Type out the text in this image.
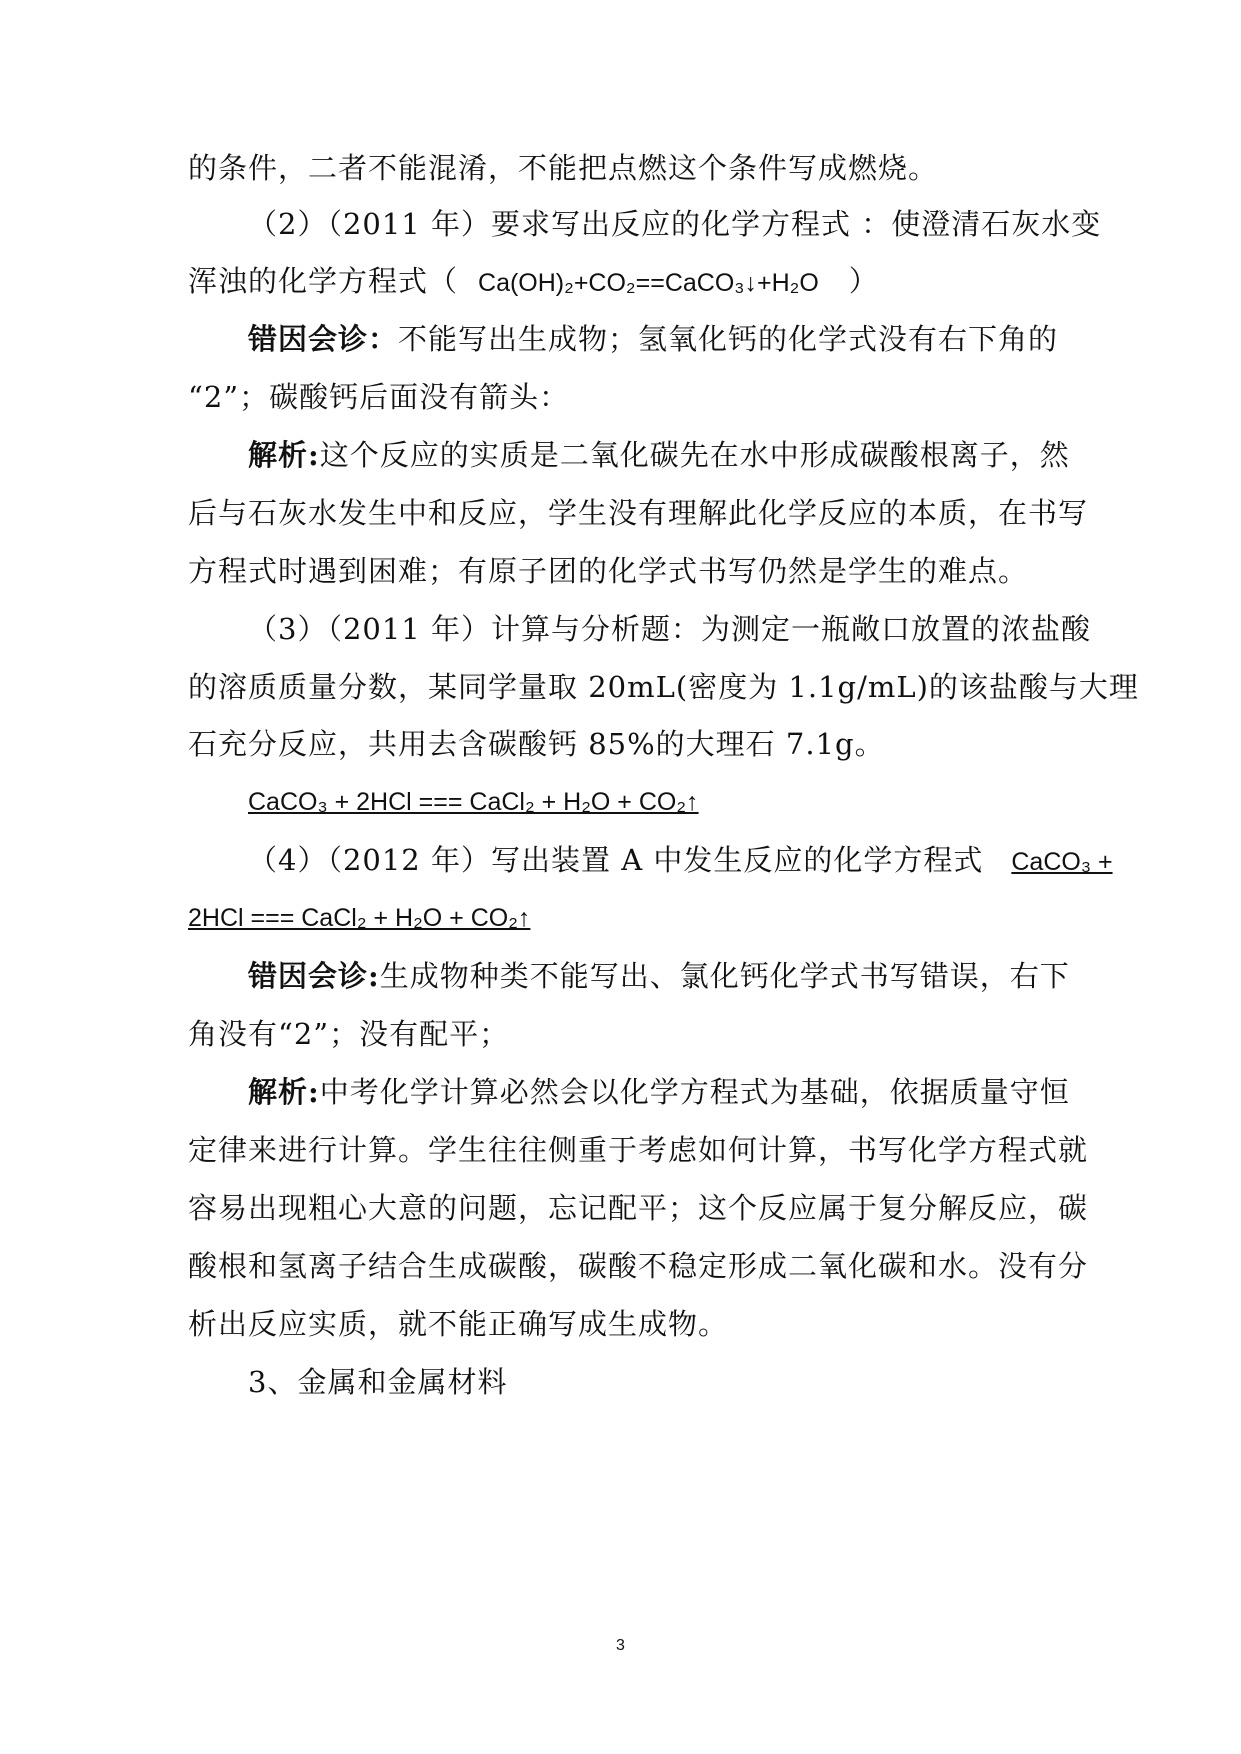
的条件，二者不能混淆，不能把点燃这个条件写成燃烧。
（2）（2011 年）要求写出反应的化学方程式 ：使澄清石灰水变
浑浊的化学方程式（ Ca(OH)₂+CO₂==CaCO₃↓+H₂O ）
错因会诊：不能写出生成物；氢氧化钙的化学式没有右下角的
“2”；碳酸钙后面没有箭头：
解析:这个反应的实质是二氧化碳先在水中形成碳酸根离子，然
后与石灰水发生中和反应，学生没有理解此化学反应的本质，在书写
方程式时遇到困难；有原子团的化学式书写仍然是学生的难点。
（3）（2011 年）计算与分析题：为测定一瓶敞口放置的浓盐酸
的溶质质量分数，某同学量取 20mL(密度为 1.1g/mL)的该盐酸与大理
石充分反应，共用去含碳酸钙 85%的大理石 7.1g。
CaCO₃ + 2HCl === CaCl₂ + H₂O + CO₂↑
（4）（2012 年）写出装置 A 中发生反应的化学方程式 CaCO₃ +
2HCl === CaCl₂ + H₂O + CO₂↑
错因会诊:生成物种类不能写出、氯化钙化学式书写错误，右下
角没有“2”；没有配平；
解析:中考化学计算必然会以化学方程式为基础，依据质量守恒
定律来进行计算。学生往往侧重于考虑如何计算，书写化学方程式就
容易出现粗心大意的问题，忘记配平；这个反应属于复分解反应，碳
酸根和氢离子结合生成碳酸，碳酸不稳定形成二氧化碳和水。没有分
析出反应实质，就不能正确写成生成物。
3、金属和金属材料
3
